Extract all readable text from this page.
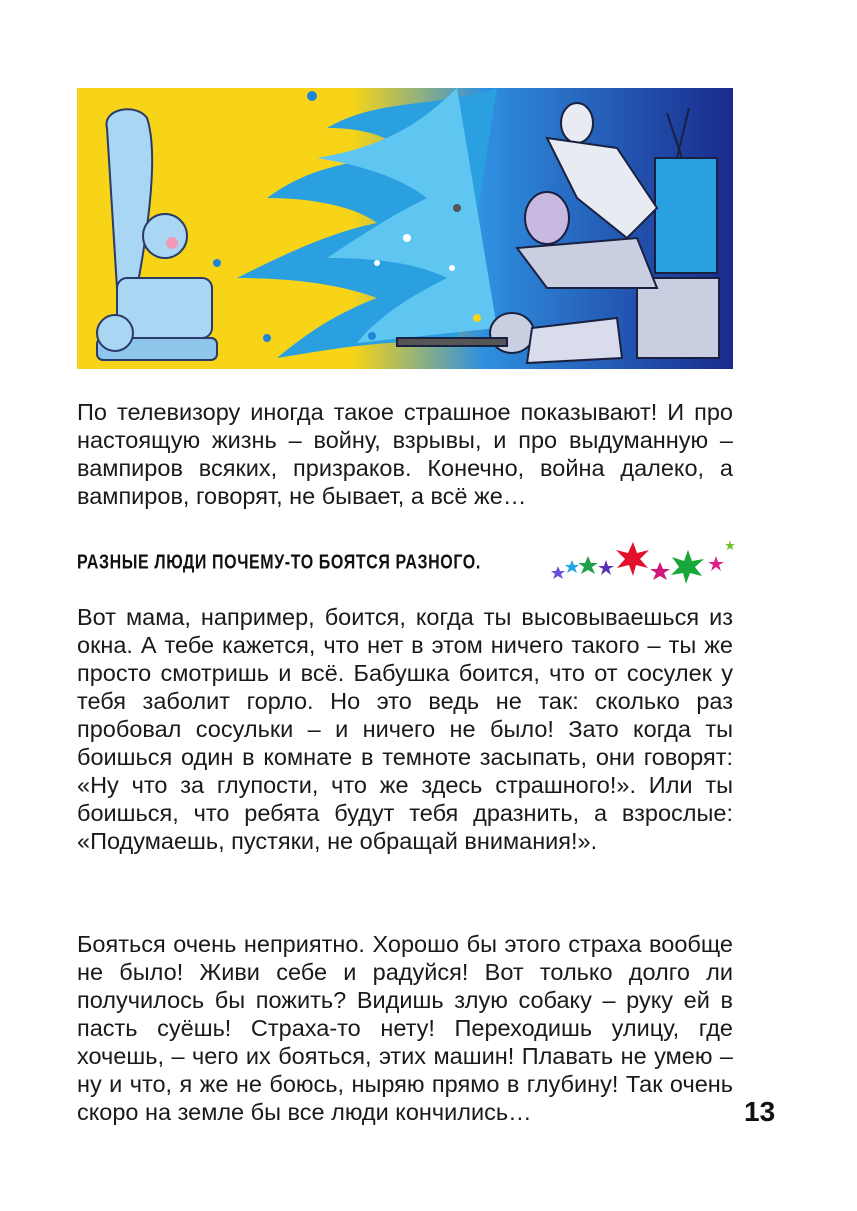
По телевизору иногда такое страшное показывают! И про настоящую жизнь – войну, взрывы, и про выдуманную – вампиров всяких, призраков. Конечно, война далеко, а вампиров, говорят, не бывает, а всё же…

РАЗНЫЕ ЛЮДИ ПОЧЕМУ-ТО БОЯТСЯ РАЗНОГО.

Вот мама, например, боится, когда ты высовываешься из окна. А тебе кажется, что нет в этом ничего такого – ты же просто смотришь и всё. Бабушка боится, что от сосулек у тебя заболит горло. Но это ведь не так: сколько раз пробовал сосульки – и ничего не было! Зато когда ты боишься один в комнате в темноте засыпать, они говорят: «Ну что за глупости, что же здесь страшного!». Или ты боишься, что ребята будут тебя дразнить, а взрослые: «Подумаешь, пустяки, не обращай внимания!».

Бояться очень неприятно. Хорошо бы этого страха вообще не было! Живи себе и радуйся! Вот только долго ли получилось бы пожить? Видишь злую собаку – руку ей в пасть суёшь! Страха-то нету! Переходишь улицу, где хочешь, – чего их бояться, этих машин! Плавать не умею – ну и что, я же не боюсь, ныряю прямо в глубину! Так очень скоро на земле бы все люди кончились…	13
